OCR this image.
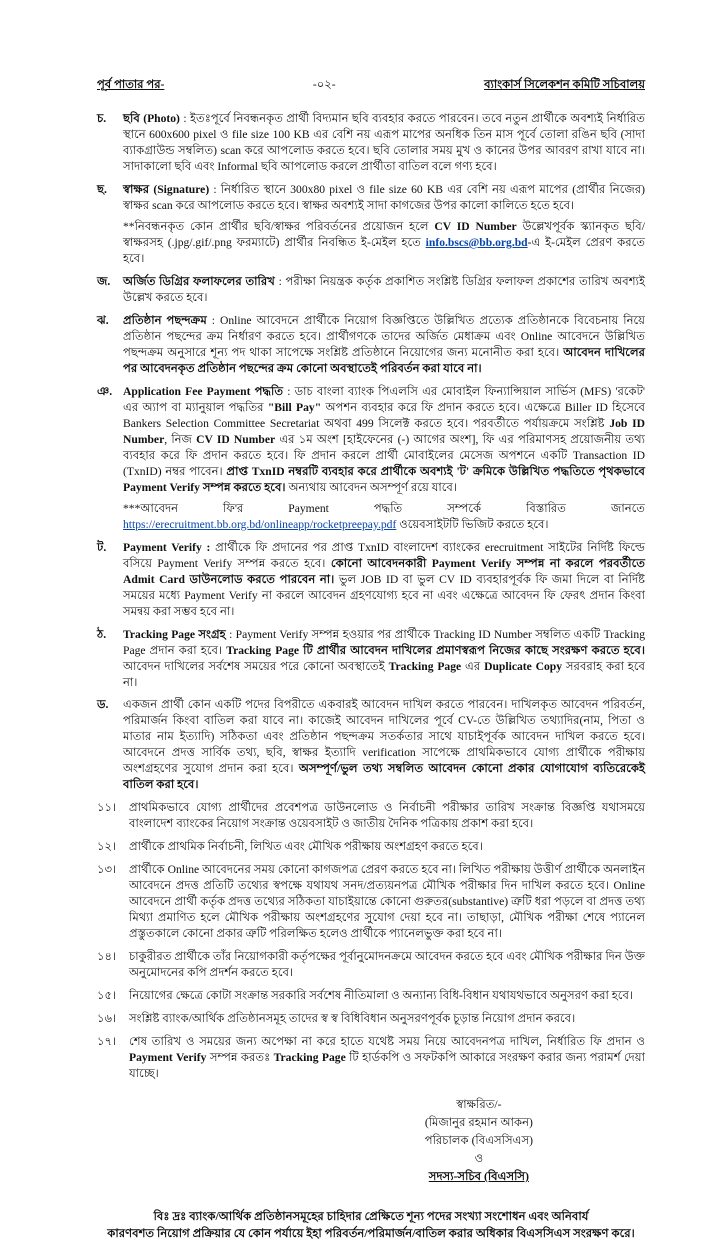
পূর্ব পাতার পর-	-০২-	ব্যাংকার্স সিলেকশন কমিটি সচিবালয়
চ.	ছবি (Photo) : ইতঃপূর্বে নিবন্ধনকৃত প্রার্থী বিদ্যমান ছবি ব্যবহার করতে পারবেন। তবে নতুন প্রার্থীকে অবশ্যই নির্ধারিত স্থানে 600x600 pixel ও file size 100 KB এর বেশি নয় এরূপ মাপের অনধিক তিন মাস পূর্বে তোলা রঙিন ছবি (সাদা ব্যাকগ্রাউন্ড সম্বলিত) scan করে আপলোড করতে হবে। ছবি তোলার সময় মুখ ও কানের উপর আবরণ রাখা যাবে না। সাদাকালো ছবি এবং Informal ছবি আপলোড করলে প্রার্থীতা বাতিল বলে গণ্য হবে।
ছ.	স্বাক্ষর (Signature) : নির্ধারিত স্থানে 300x80 pixel ও file size 60 KB এর বেশি নয় এরূপ মাপের (প্রার্থীর নিজের) স্বাক্ষর scan করে আপলোড করতে হবে। স্বাক্ষর অবশ্যই সাদা কাগজের উপর কালো কালিতে হতে হবে।
**নিবন্ধনকৃত কোন প্রার্থীর ছবি/স্বাক্ষর পরিবর্তনের প্রয়োজন হলে CV ID Number উল্লেখপূর্বক স্ক্যানকৃত ছবি/স্বাক্ষরসহ (.jpg/.gif/.png ফরম্যাটে) প্রার্থীর নিবন্ধিত ই-মেইল হতে info.bscs@bb.org.bd-এ ই-মেইল প্রেরণ করতে হবে।
জ.	অর্জিত ডিগ্রির ফলাফলের তারিখ : পরীক্ষা নিয়ন্ত্রক কর্তৃক প্রকাশিত সংশ্লিষ্ট ডিগ্রির ফলাফল প্রকাশের তারিখ অবশ্যই উল্লেখ করতে হবে।
ঝ.	প্রতিষ্ঠান পছন্দক্রম : Online আবেদনে প্রার্থীকে নিয়োগ বিজ্ঞপ্তিতে উল্লিখিত প্রত্যেক প্রতিষ্ঠানকে বিবেচনায় নিয়ে প্রতিষ্ঠান পছন্দের ক্রম নির্ধারণ করতে হবে। প্রার্থীগণকে তাদের অর্জিত মেধাক্রম এবং Online আবেদনে উল্লিখিত পছন্দক্রম অনুসারে শূন্য পদ থাকা সাপেক্ষে সংশ্লিষ্ট প্রতিষ্ঠানে নিয়োগের জন্য মনোনীত করা হবে। আবেদন দাখিলের পর আবেদনকৃত প্রতিষ্ঠান পছন্দের ক্রম কোনো অবস্থাতেই পরিবর্তন করা যাবে না।
ঞ. Application Fee Payment পদ্ধতি : ডাচ বাংলা ব্যাংক পিএলসি এর মোবাইল ফিন্যান্সিয়াল সার্ভিস (MFS) 'রকেট' এর অ্যাপ বা ম্যানুয়াল পদ্ধতির "Bill Pay" অপশন ব্যবহার করে ফি প্রদান করতে হবে। এক্ষেত্রে Biller ID হিসেবে Bankers Selection Committee Secretariat অথবা 499 সিলেক্ট করতে হবে। পরবর্তীতে পর্যায়ক্রমে সংশ্লিষ্ট Job ID Number, নিজ CV ID Number এর ১ম অংশ [হাইফেনের (-) আগের অংশ], ফি এর পরিমাণসহ প্রয়োজনীয় তথ্য ব্যবহার করে ফি প্রদান করতে হবে। ফি প্রদান করলে প্রার্থী মোবাইলের মেসেজ অপশনে একটি Transaction ID (TxnID) নম্বর পাবেন। প্রাপ্ত TxnID নম্বরটি ব্যবহার করে প্রার্থীকে অবশ্যই 'ট' ক্রমিকে উল্লিখিত পদ্ধতিতে পৃথকভাবে Payment Verify সম্পন্ন করতে হবে। অন্যথায় আবেদন অসম্পূর্ণ রয়ে যাবে।
***আবেদন ফি'র Payment পদ্ধতি সম্পর্কে বিস্তারিত জানতে https://erecruitment.bb.org.bd/onlineapp/rocketpreepay.pdf ওয়েবসাইটটি ভিজিট করতে হবে।
ট.	Payment Verify : প্রার্থীকে ফি প্রদানের পর প্রাপ্ত TxnID বাংলাদেশ ব্যাংকের erecruitment সাইটের নির্দিষ্ট ফিল্ডে বসিয়ে Payment Verify সম্পন্ন করতে হবে। কোনো আবেদনকারী Payment Verify সম্পন্ন না করলে পরবর্তীতে Admit Card ডাউনলোড করতে পারবেন না। ভুল JOB ID বা ভুল CV ID ব্যবহারপূর্বক ফি জমা দিলে বা নির্দিষ্ট সময়ের মধ্যে Payment Verify না করলে আবেদন গ্রহণযোগ্য হবে না এবং এক্ষেত্রে আবেদন ফি ফেরৎ প্রদান কিংবা সমন্বয় করা সম্ভব হবে না।
ঠ.	Tracking Page সংগ্রহ : Payment Verify সম্পন্ন হওয়ার পর প্রার্থীকে Tracking ID Number সম্বলিত একটি Tracking Page প্রদান করা হবে। Tracking Page টি প্রার্থীর আবেদন দাখিলের প্রমাণস্বরূপ নিজের কাছে সংরক্ষণ করতে হবে। আবেদন দাখিলের সর্বশেষ সময়ের পরে কোনো অবস্থাতেই Tracking Page এর Duplicate Copy সরবরাহ করা হবে না।
ড.	একজন প্রার্থী কোন একটি পদের বিপরীতে একবারই আবেদন দাখিল করতে পারবেন। দাখিলকৃত আবেদন পরিবর্তন, পরিমার্জন কিংবা বাতিল করা যাবে না। কাজেই আবেদন দাখিলের পূর্বে CV-তে উল্লিখিত তথ্যাদির(নাম, পিতা ও মাতার নাম ইত্যাদি) সঠিকতা এবং প্রতিষ্ঠান পছন্দক্রম সতর্কতার সাথে যাচাইপূর্বক আবেদন দাখিল করতে হবে। আবেদনে প্রদত্ত সার্বিক তথ্য, ছবি, স্বাক্ষর ইত্যাদি verification সাপেক্ষে প্রাথমিকভাবে যোগ্য প্রার্থীকে পরীক্ষায় অংশগ্রহণের সুযোগ প্রদান করা হবে। অসম্পূর্ণ/ভুল তথ্য সম্বলিত আবেদন কোনো প্রকার যোগাযোগ ব্যতিরেকেই বাতিল করা হবে।
১১।	প্রাথমিকভাবে যোগ্য প্রার্থীদের প্রবেশপত্র ডাউনলোড ও নির্বাচনী পরীক্ষার তারিখ সংক্রান্ত বিজ্ঞপ্তি যথাসময়ে বাংলাদেশ ব্যাংকের নিয়োগ সংক্রান্ত ওয়েবসাইট ও জাতীয় দৈনিক পত্রিকায় প্রকাশ করা হবে।
১২।	প্রার্থীকে প্রাথমিক নির্বাচনী, লিখিত এবং মৌখিক পরীক্ষায় অংশগ্রহণ করতে হবে।
১৩।	প্রার্থীকে Online আবেদনের সময় কোনো কাগজপত্র প্রেরণ করতে হবে না। লিখিত পরীক্ষায় উত্তীর্ণ প্রার্থীকে অনলাইন আবেদনে প্রদত্ত প্রতিটি তথ্যের স্বপক্ষে যথাযথ সনদ/প্রত্যয়নপত্র মৌখিক পরীক্ষার দিন দাখিল করতে হবে। Online আবেদনে প্রার্থী কর্তৃক প্রদত্ত তথ্যের সঠিকতা যাচাইয়ান্তে কোনো গুরুতর(substantive) ত্রুটি ধরা পড়লে বা প্রদত্ত তথ্য মিথ্যা প্রমাণিত হলে মৌখিক পরীক্ষায় অংশগ্রহণের সুযোগ দেয়া হবে না। তাছাড়া, মৌখিক পরীক্ষা শেষে প্যানেল প্রস্তুতকালে কোনো প্রকার ত্রুটি পরিলক্ষিত হলেও প্রার্থীকে প্যানেলভুক্ত করা হবে না।
১৪।	চাকুরীরত প্রার্থীকে তাঁর নিয়োগকারী কর্তৃপক্ষের পূর্বানুমোদনক্রমে আবেদন করতে হবে এবং মৌখিক পরীক্ষার দিন উক্ত অনুমোদনের কপি প্রদর্শন করতে হবে।
১৫।	নিয়োগের ক্ষেত্রে কোটা সংক্রান্ত সরকারি সর্বশেষ নীতিমালা ও অন্যান্য বিধি-বিধান যথাযথভাবে অনুসরণ করা হবে।
১৬।	সংশ্লিষ্ট ব্যাংক/আর্থিক প্রতিষ্ঠানসমূহ তাদের স্ব স্ব বিধিবিধান অনুসরণপূর্বক চূড়ান্ত নিয়োগ প্রদান করবে।
১৭।	শেষ তারিখ ও সময়ের জন্য অপেক্ষা না করে হাতে যথেষ্ট সময় নিয়ে আবেদনপত্র দাখিল, নির্ধারিত ফি প্রদান ও Payment Verify সম্পন্ন করতঃ Tracking Page টি হার্ডকপি ও সফটকপি আকারে সংরক্ষণ করার জন্য পরামর্শ দেয়া যাচ্ছে।
স্বাক্ষরিত/-
(মিজানুর রহমান আকন)
পরিচালক (বিএসসিএস)
ও
সদস্য-সচিব (বিএসসি)
বিঃ দ্রঃ ব্যাংক/আর্থিক প্রতিষ্ঠানসমূহের চাহিদার প্রেক্ষিতে শূন্য পদের সংখ্যা সংশোধন এবং অনিবার্য
কারণবশত নিয়োগ প্রক্রিয়ার যে কোন পর্যায়ে ইহা পরিবর্তন/পরিমার্জন/বাতিল করার অধিকার বিএসসিএস সংরক্ষণ করে।
